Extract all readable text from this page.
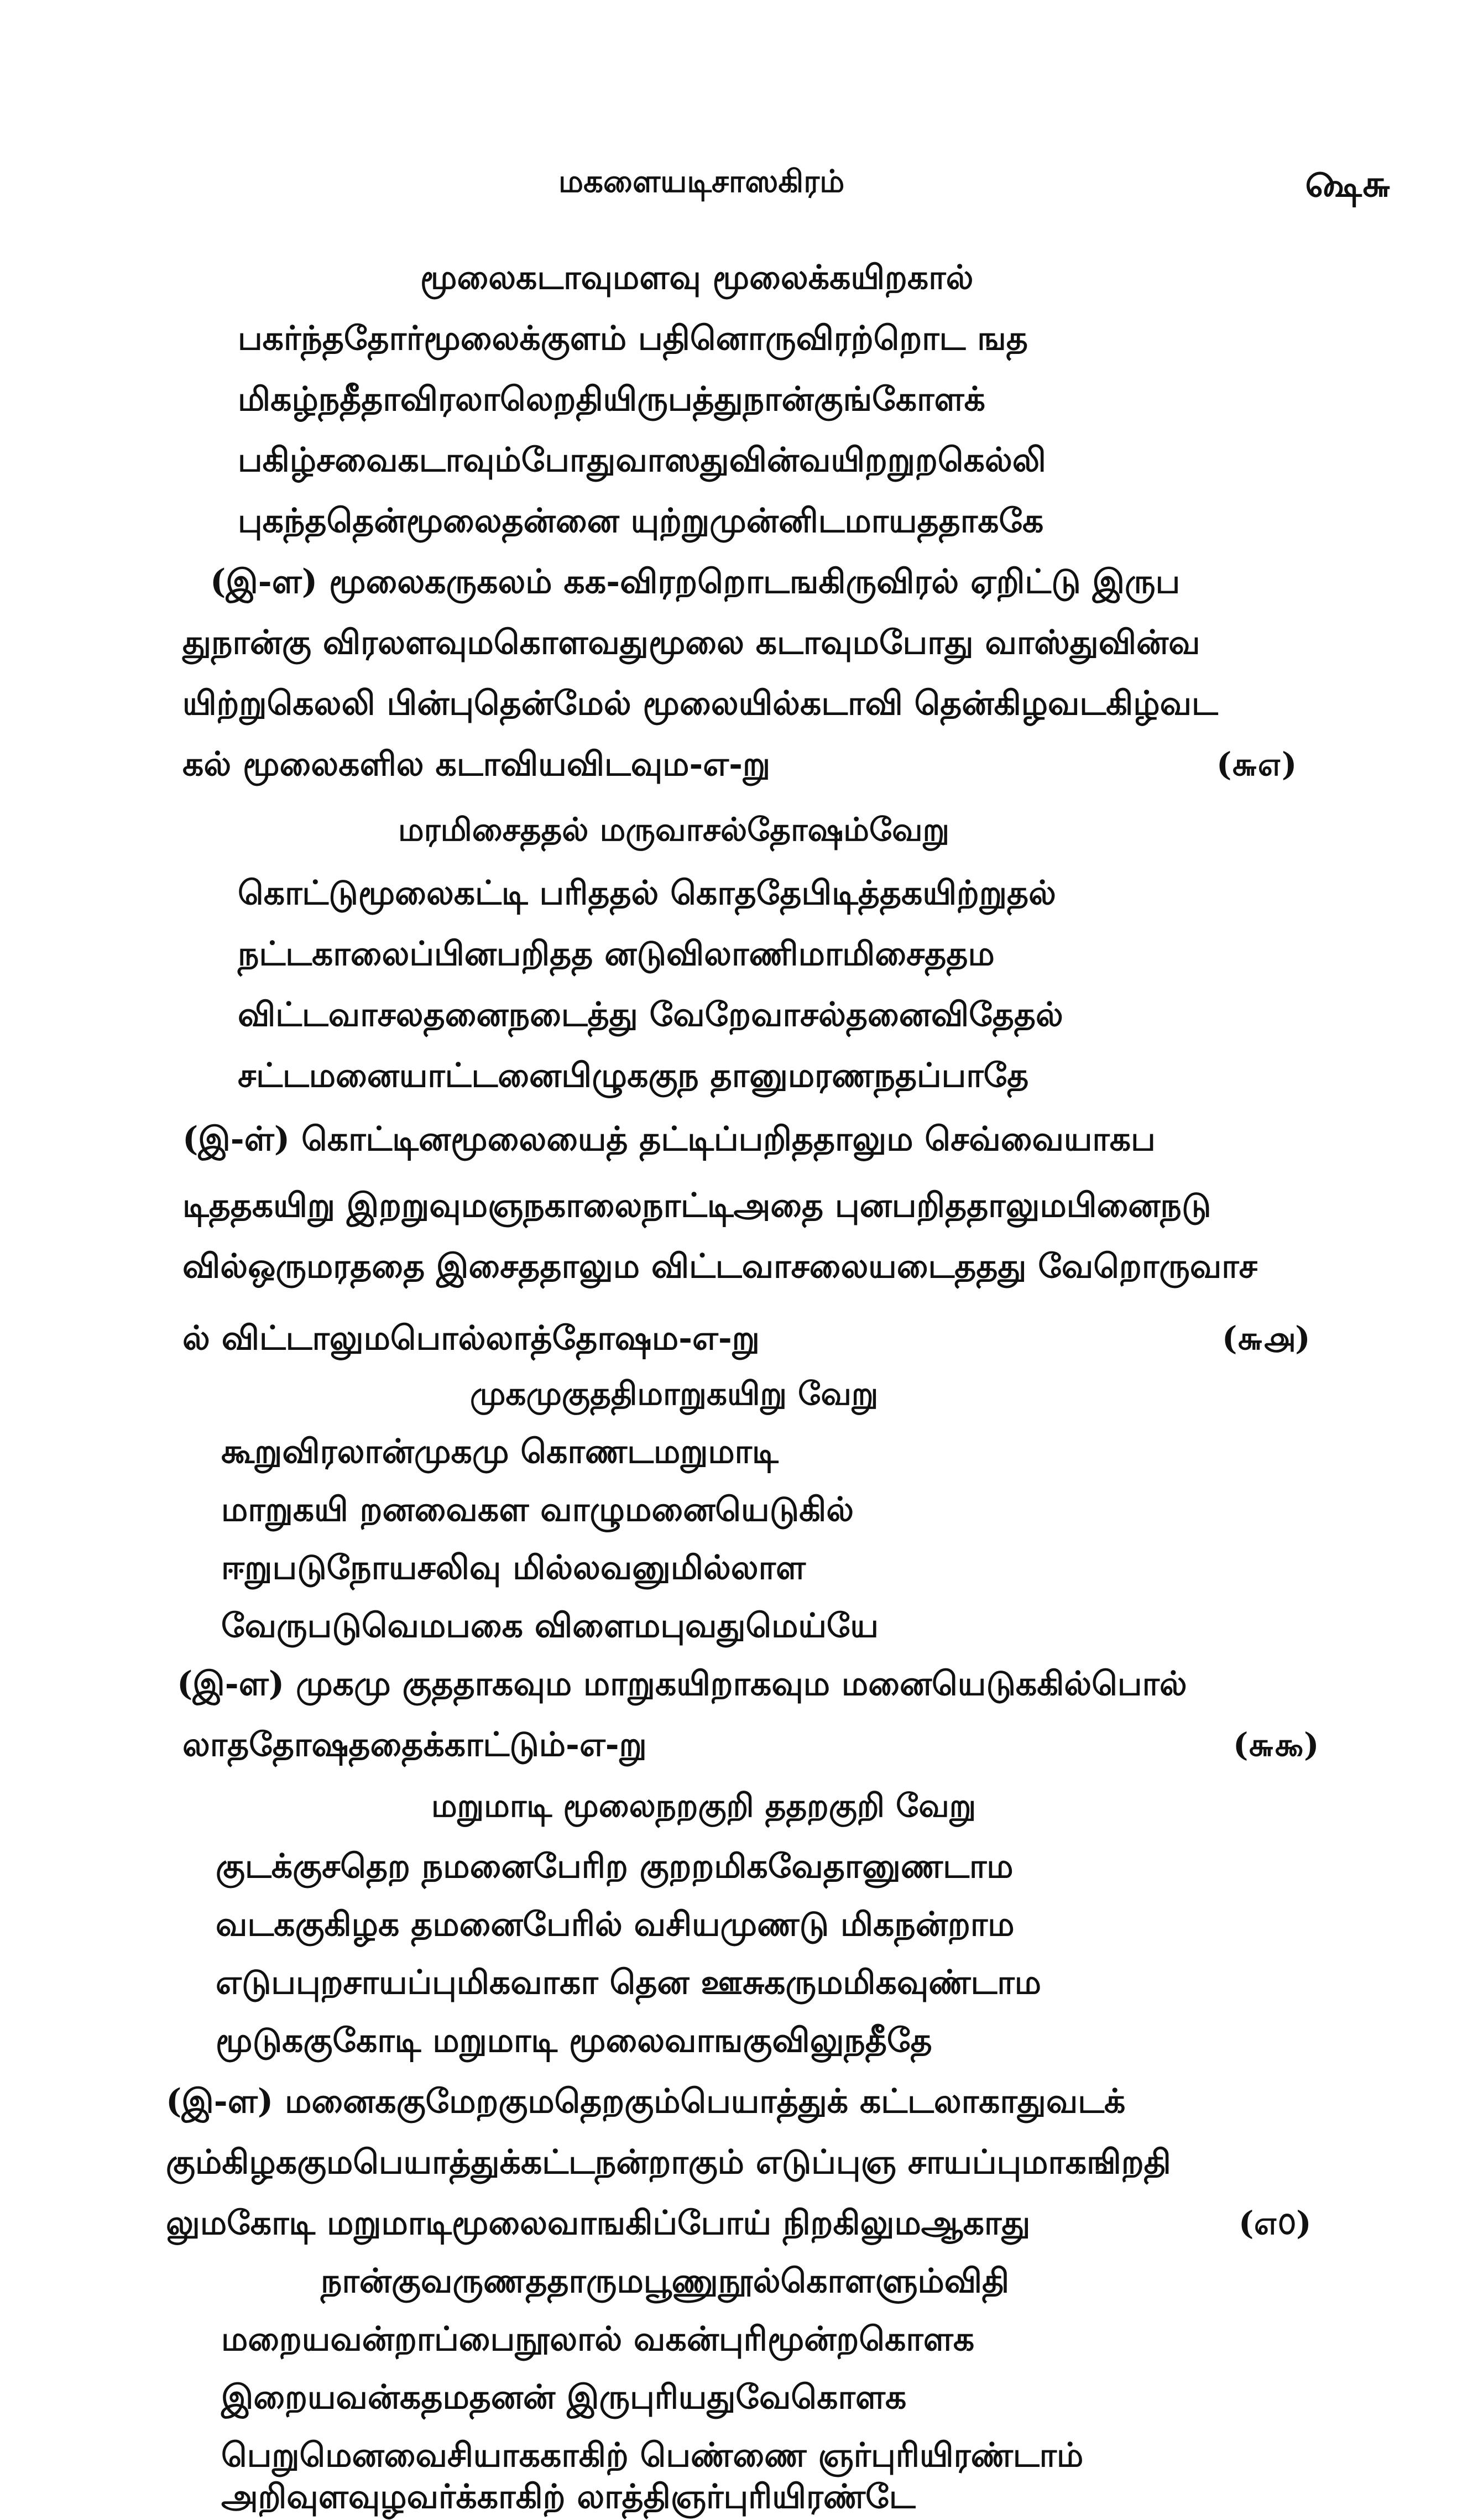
மகளையடிசாஸகிரம்	௸௬
மூலைகடாவுமளவு மூலைக்கயிறகால்
பகர்ந்ததோர்மூலைக்குளம் பதினொருவிரற்றொட ஙத
மிகழ்நதீதாவிரலாலெறதியிருபத்துநான்குங்கோளக்
பகிழ்சவைகடாவும்போதுவாஸதுவின்வயிறறுறகெல்லி
புகந்ததென்மூலைதன்னை யுற்றுமுன்னிடமாயததாககே
(இ-ள) மூலைகருகலம் கக-விரறறொடஙகிருவிரல் ஏறிட்டு இருப
துநான்கு விரலளவுமகொளவதுமூலை கடாவுமபோது வாஸ்துவின்வ
யிற்றுகெலலி பின்புதென்மேல் மூலையில்கடாவி தென்கிழவடகிழ்வட
கல் மூலைகளில கடாவியவிடவும-எ-று	(௬௭)
மரமிசைததல் மருவாசல்தோஷம்வேறு
கொட்டுமூலைகட்டி பரிததல் கொததேபிடித்தகயிற்றுதல்
நட்டகாலைப்பினபறிதத னடுவிலாணிமாமிசைததம
விட்டவாசலதனைநடைத்து வேறேவாசல்தனைவிதேதல்
சட்டமனையாட்டனைபிழுககுந தானுமரணநதப்பாதே
(இ-ள்) கொட்டினமூலையைத் தட்டிப்பறிததாலும செவ்வையாகப
டிததகயிறு இறறுவுமஞநகாலைநாட்டிஅதை புனபறிததாலுமபினைநடு
வில்ஒருமரததை இசைததாலும விட்டவாசலையடைததது வேறொருவாச
ல் விட்டாலுமபொல்லாத்தோஷம-எ-று	(௬௮)
முகமுகுததிமாறுகயிறு வேறு
கூறுவிரலான்முகமு கொணடமறுமாடி
மாறுகயி றனவைகள வாழுமனையெடுகில்
ஈறுபடுநோயசலிவு மில்லவனுமில்லாள
வேருபடுவெமபகை விளைமபுவதுமெய்யே
(இ-ள) முகமு குததாகவும மாறுகயிறாகவும மனையெடுககில்பொல்
லாததோஷததைக்காட்டும்-எ-று	(௬௯)
மறுமாடி மூலைநறகுறி ததறகுறி வேறு
குடக்குசதெற நமனைபேரிற குறறமிகவேதானுணடாம
வடககுகிழக தமனைபேரில் வசியமுணடு மிகநன்றாம
எடுபபுறசாயப்புமிகவாகா தென ஊசுகருமமிகவுண்டாம
மூடுககுகோடி மறுமாடி மூலைவாஙகுவிலுநதீதே
(இ-ள) மனைககுமேறகுமதெறகும்பெயாத்துக் கட்டலாகாதுவடக்
கும்கிழககுமபெயாத்துக்கட்டநன்றாகும் எடுப்புஞ சாயப்புமாகஙிறதி
லுமகோடி மறுமாடிமூலைவாஙகிப்போய் நிறகிலுமஆகாது	(௭௦)
நான்குவருணததாருமபூணுநூல்கொளளும்விதி
மறையவன்றாப்பைநூலால் வகன்புரிமூன்றகொளக
இறையவன்கதமதனன் இருபுரியதுவேகொளக
பெறுமெனவைசியாககாகிற் பெண்ணை ஞர்புரியிரண்டாம்
அறிவுளவுழவர்க்காகிற் லாத்திஞர்புரியிரண்டே
